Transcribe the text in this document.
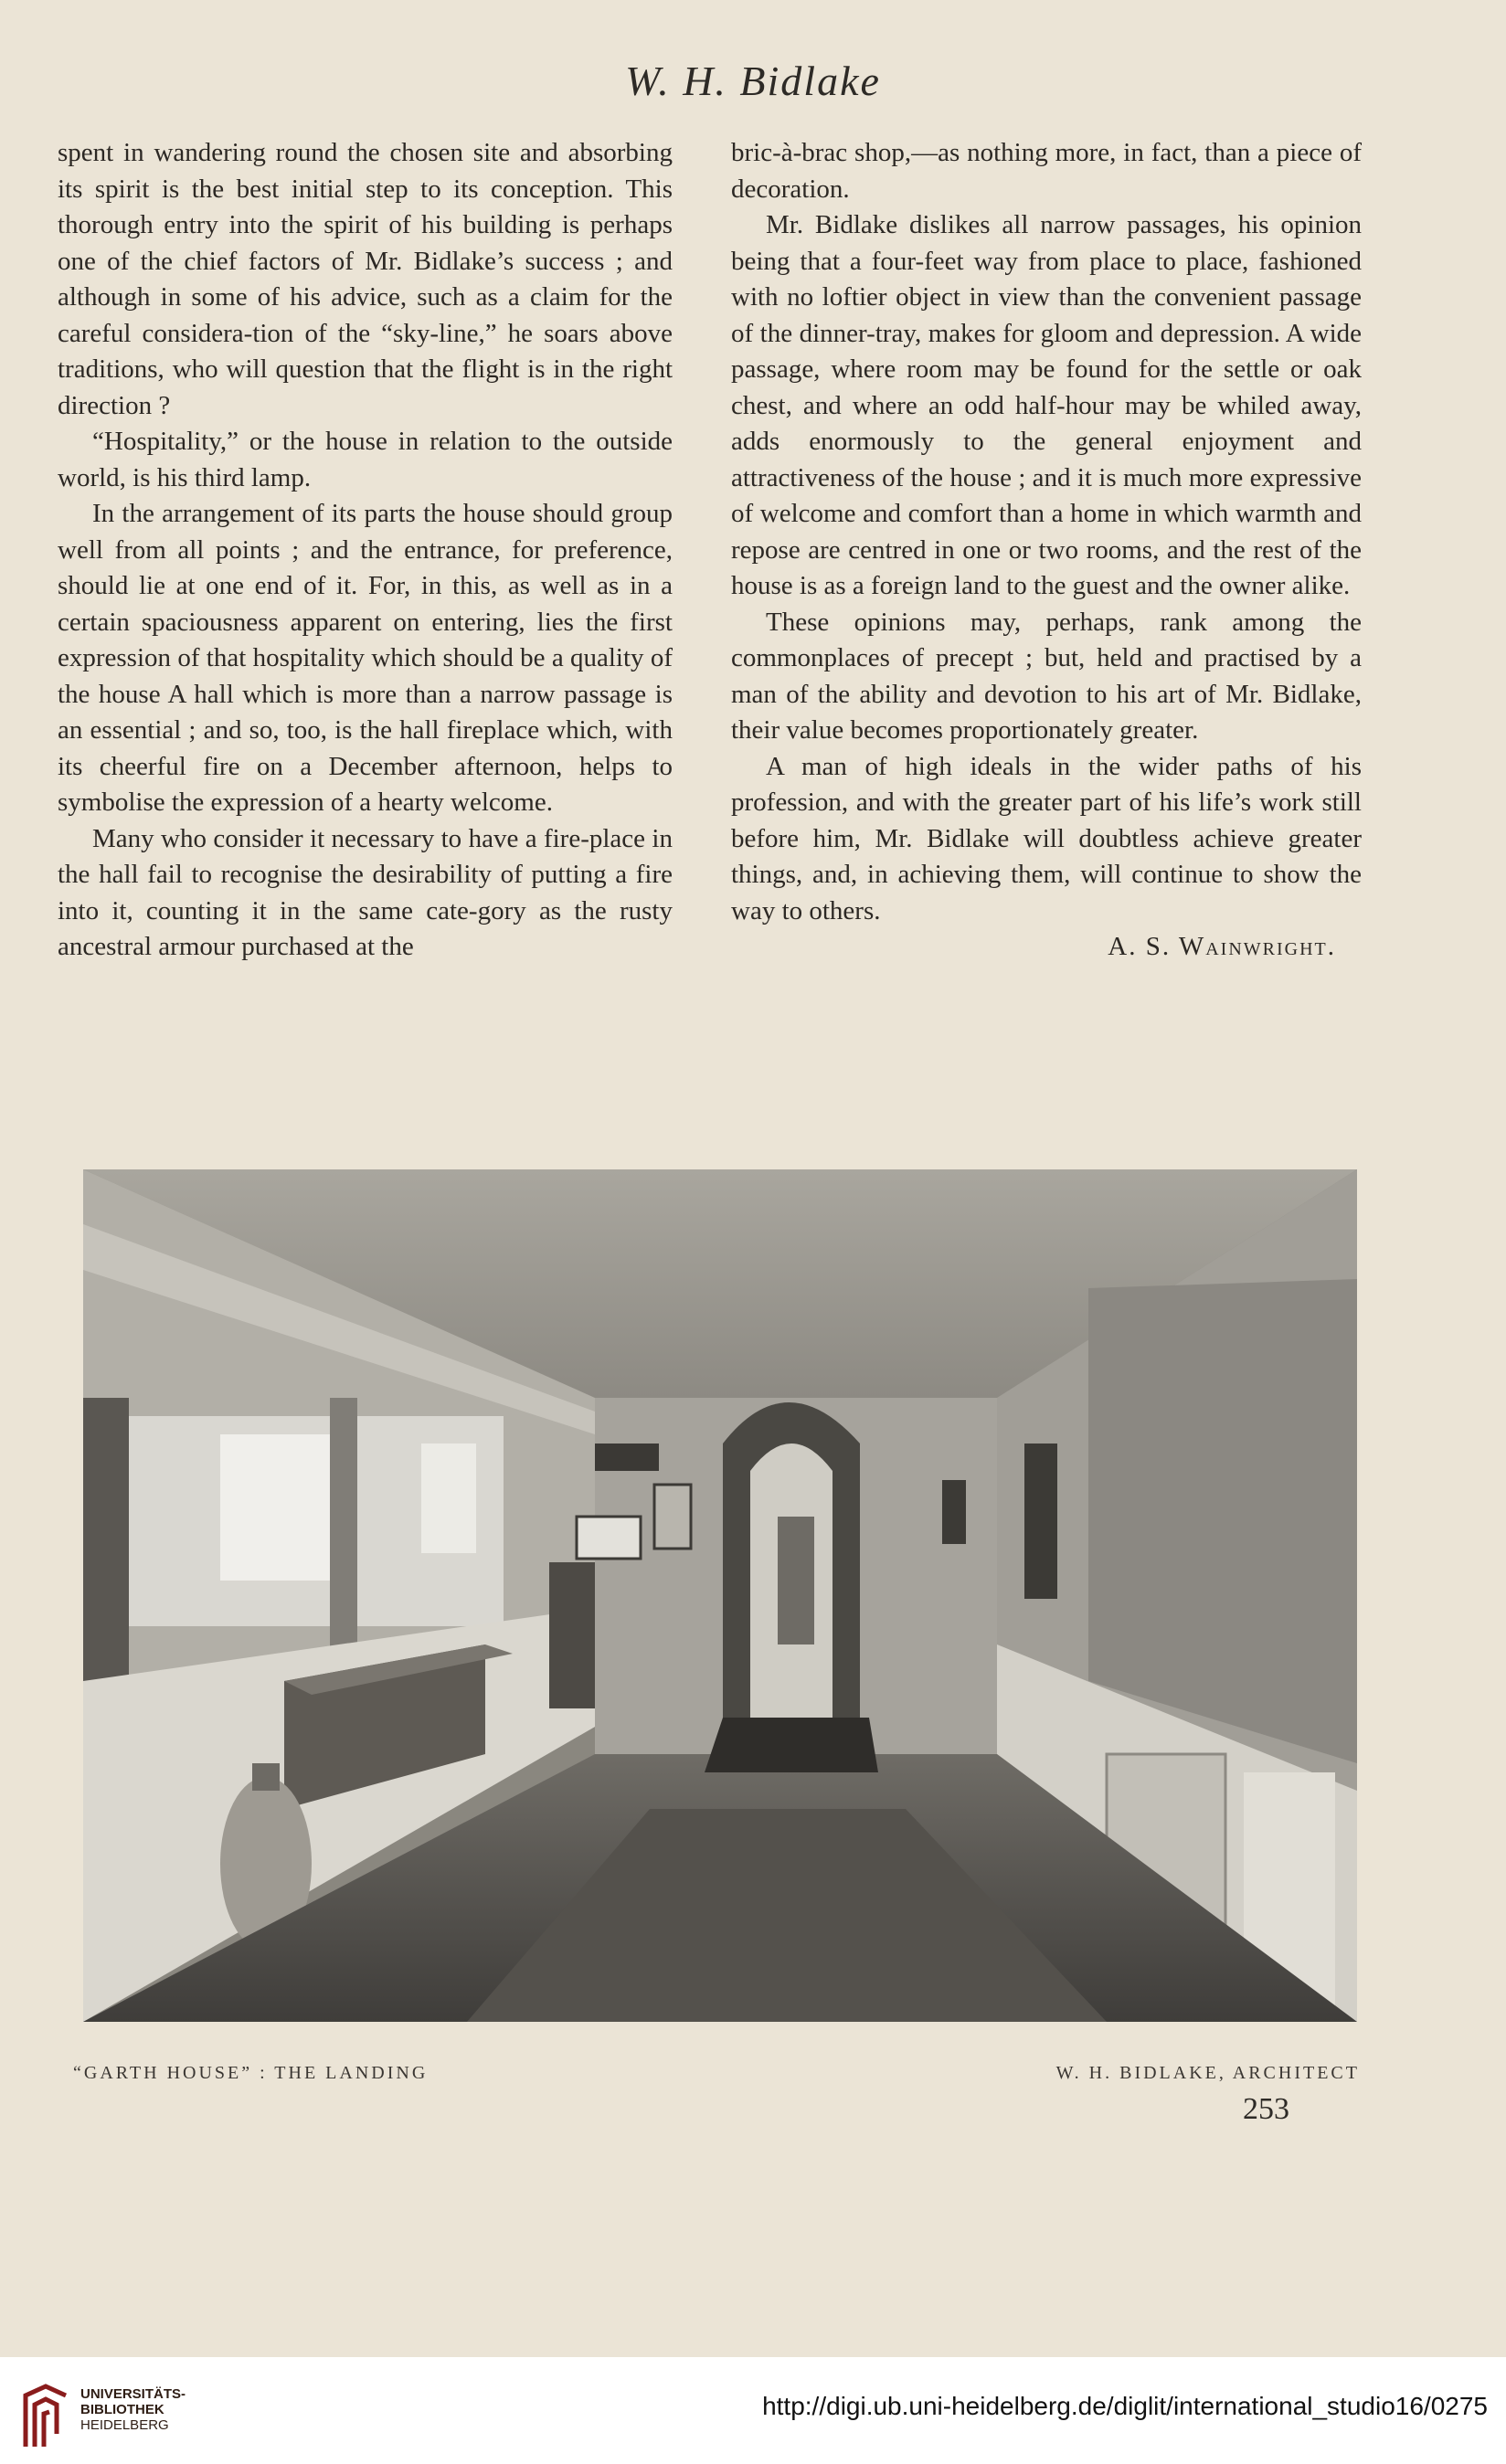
W. H. Bidlake

spent in wandering round the chosen site and absorbing its spirit is the best initial step to its conception. This thorough entry into the spirit of his building is perhaps one of the chief factors of Mr. Bidlake’s success ; and although in some of his advice, such as a claim for the careful considera-tion of the “sky-line,” he soars above traditions, who will question that the flight is in the right direction ?

“Hospitality,” or the house in relation to the outside world, is his third lamp.

In the arrangement of its parts the house should group well from all points ; and the entrance, for preference, should lie at one end of it. For, in this, as well as in a certain spaciousness apparent on entering, lies the first expression of that hospitality which should be a quality of the house A hall which is more than a narrow passage is an essential ; and so, too, is the hall fireplace which, with its cheerful fire on a December afternoon, helps to symbolise the expression of a hearty welcome.

Many who consider it necessary to have a fire-place in the hall fail to recognise the desirability of putting a fire into it, counting it in the same cate-gory as the rusty ancestral armour purchased at the

bric-à-brac shop,—as nothing more, in fact, than a piece of decoration.

Mr. Bidlake dislikes all narrow passages, his opinion being that a four-feet way from place to place, fashioned with no loftier object in view than the convenient passage of the dinner-tray, makes for gloom and depression. A wide passage, where room may be found for the settle or oak chest, and where an odd half-hour may be whiled away, adds enormously to the general enjoyment and attractiveness of the house ; and it is much more expressive of welcome and comfort than a home in which warmth and repose are centred in one or two rooms, and the rest of the house is as a foreign land to the guest and the owner alike.

These opinions may, perhaps, rank among the commonplaces of precept ; but, held and practised by a man of the ability and devotion to his art of Mr. Bidlake, their value becomes proportionately greater.

A man of high ideals in the wider paths of his profession, and with the greater part of his life’s work still before him, Mr. Bidlake will doubtless achieve greater things, and, in achieving them, will continue to show the way to others.

A. S. Wainwright.

“GARTH HOUSE” : THE LANDING	W. H. BIDLAKE, ARCHITECT
253
UNIVERSITÄTS-
BIBLIOTHEK
HEIDELBERG
http://digi.ub.uni-heidelberg.de/diglit/international_studio16/0275
